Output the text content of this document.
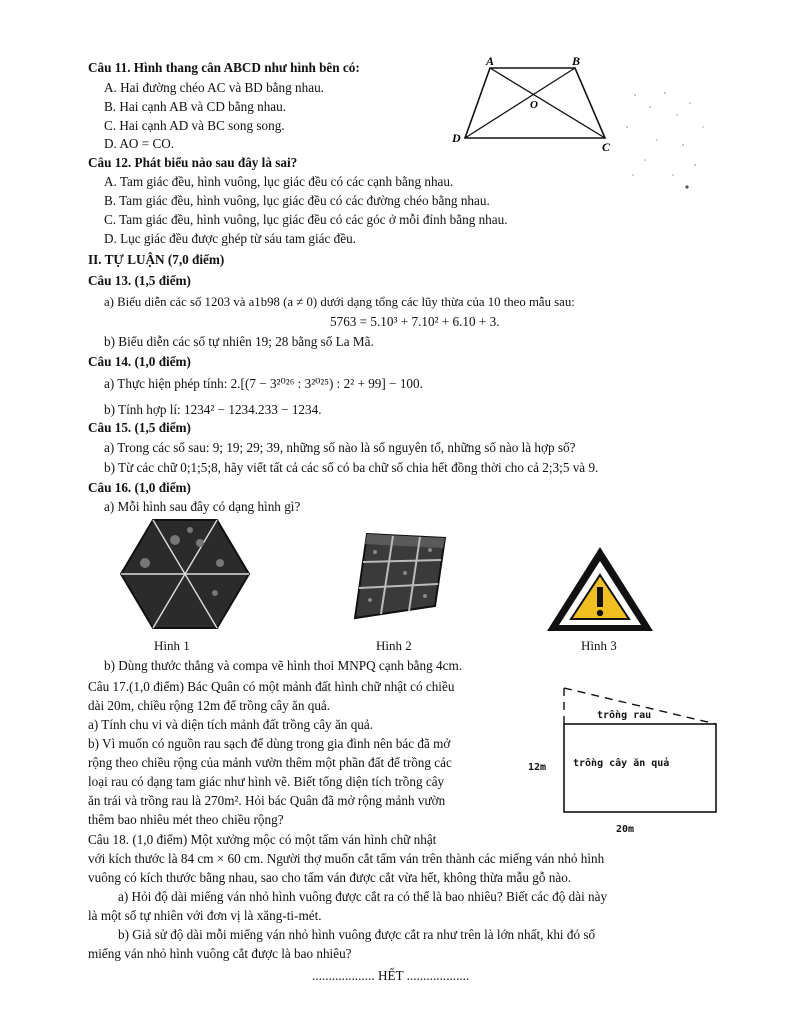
Câu 11. Hình thang cân ABCD như hình bên có:
A. Hai đường chéo AC và BD bằng nhau.
B. Hai cạnh AB và CD bằng nhau.
C. Hai cạnh AD và BC song song.
D. AO = CO.
A	B
C
D
O
Câu 12. Phát biểu nào sau đây là sai?
A. Tam giác đều, hình vuông, lục giác đều có các cạnh bằng nhau.
B. Tam giác đều, hình vuông, lục giác đều có các đường chéo bằng nhau.
C. Tam giác đều, hình vuông, lục giác đều có các góc ở mỗi đỉnh bằng nhau.
D. Lục giác đều được ghép từ sáu tam giác đều.
II. TỰ LUẬN (7,0 điểm)
Câu 13. (1,5 điểm)
a) Biểu diễn các số 1203 và a1b98 (a ≠ 0) dưới dạng tổng các lũy thừa của 10 theo mẫu sau:
5763 = 5.10³ + 7.10² + 6.10 + 3.
b) Biểu diễn các số tự nhiên 19; 28 bằng số La Mã.
Câu 14. (1,0 điểm)
a) Thực hiện phép tính: 2.[(7 − 3²⁰²⁶ : 3²⁰²⁵) : 2² + 99] − 100.
b) Tính hợp lí: 1234² − 1234.233 − 1234.
Câu 15. (1,5 điểm)
a) Trong các số sau: 9; 19; 29; 39, những số nào là số nguyên tố, những số nào là hợp số?
b) Từ các chữ 0;1;5;8, hãy viết tất cả các số có ba chữ số chia hết đồng thời cho cả 2;3;5 và 9.
Câu 16. (1,0 điểm)
a) Mỗi hình sau đây có dạng hình gì?
Hình 1	Hình 2	Hình 3
b) Dùng thước thẳng và compa vẽ hình thoi MNPQ cạnh bằng 4cm.
Câu 17.(1,0 điểm) Bác Quân có một mảnh đất hình chữ nhật có chiều
dài 20m, chiều rộng 12m để trồng cây ăn quả.
a) Tính chu vi và diện tích mảnh đất trồng cây ăn quả.
b) Vì muốn có nguồn rau sạch để dùng trong gia đình nên bác đã mở
rộng theo chiều rộng của mảnh vườn thêm một phần đất để trồng các
loại rau có dạng tam giác như hình vẽ. Biết tổng diện tích trồng cây
ăn trái và trồng rau là 270m². Hỏi bác Quân đã mở rộng mảnh vườn
thêm bao nhiêu mét theo chiều rộng?
trồng rau
trồng cây ăn quả
12m
20m
Câu 18. (1,0 điểm) Một xưởng mộc có một tấm ván hình chữ nhật
với kích thước là 84 cm × 60 cm. Người thợ muốn cắt tấm ván trên thành các miếng ván nhỏ hình
vuông có kích thước bằng nhau, sao cho tấm ván được cắt vừa hết, không thừa mẫu gỗ nào.
a) Hỏi độ dài miếng ván nhỏ hình vuông được cắt ra có thể là bao nhiêu? Biết các độ dài này
là một số tự nhiên với đơn vị là xăng-ti-mét.
b) Giả sử độ dài mỗi miếng ván nhỏ hình vuông được cắt ra như trên là lớn nhất, khi đó số
miếng ván nhỏ hình vuông cắt được là bao nhiêu?
................... HẾT ...................
